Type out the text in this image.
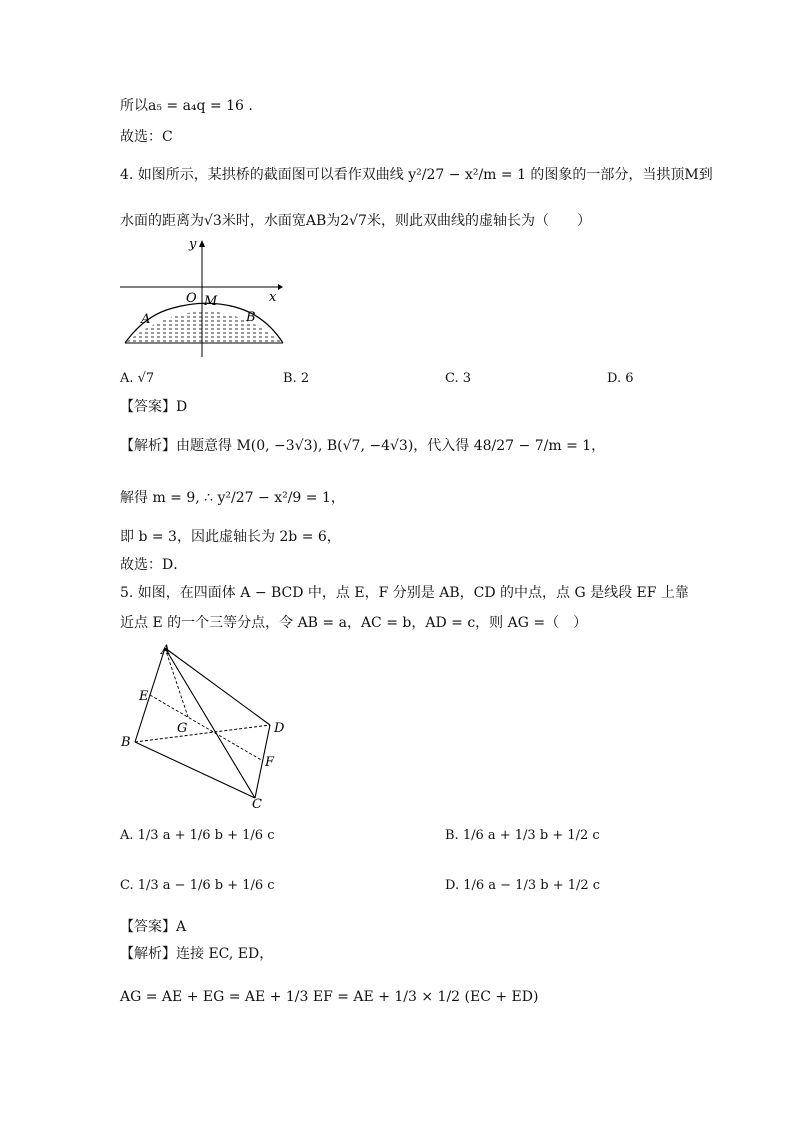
所以a₅ = a₄q = 16 .
故选：C
4. 如图所示，某拱桥的截面图可以看作双曲线 y²/27 − x²/m = 1 的图象的一部分，当拱顶M到
水面的距离为√3米时，水面宽AB为2√7米，则此双曲线的虚轴长为（　　）
y
x
O M
A	B
A. √7	B. 2	C. 3	D. 6
【答案】D
【解析】由题意得 M(0, −3√3), B(√7, −4√3)，代入得 48/27 − 7/m = 1，
解得 m = 9, ∴ y²/27 − x²/9 = 1，
即 b = 3，因此虚轴长为 2b = 6，
故选：D．
5. 如图，在四面体 A − BCD 中，点 E，F 分别是 AB，CD 的中点，点 G 是线段 EF 上靠
近点 E 的一个三等分点，令 AB = a，AC = b，AD = c，则 AG =（　）
A
B
C
D
E
F
G
A. 1/3 a + 1/6 b + 1/6 c	B. 1/6 a + 1/3 b + 1/2 c
C. 1/3 a − 1/6 b + 1/6 c	D. 1/6 a − 1/3 b + 1/2 c
【答案】A
【解析】连接 EC, ED，
AG = AE + EG = AE + 1/3 EF = AE + 1/3 × 1/2 (EC + ED)
